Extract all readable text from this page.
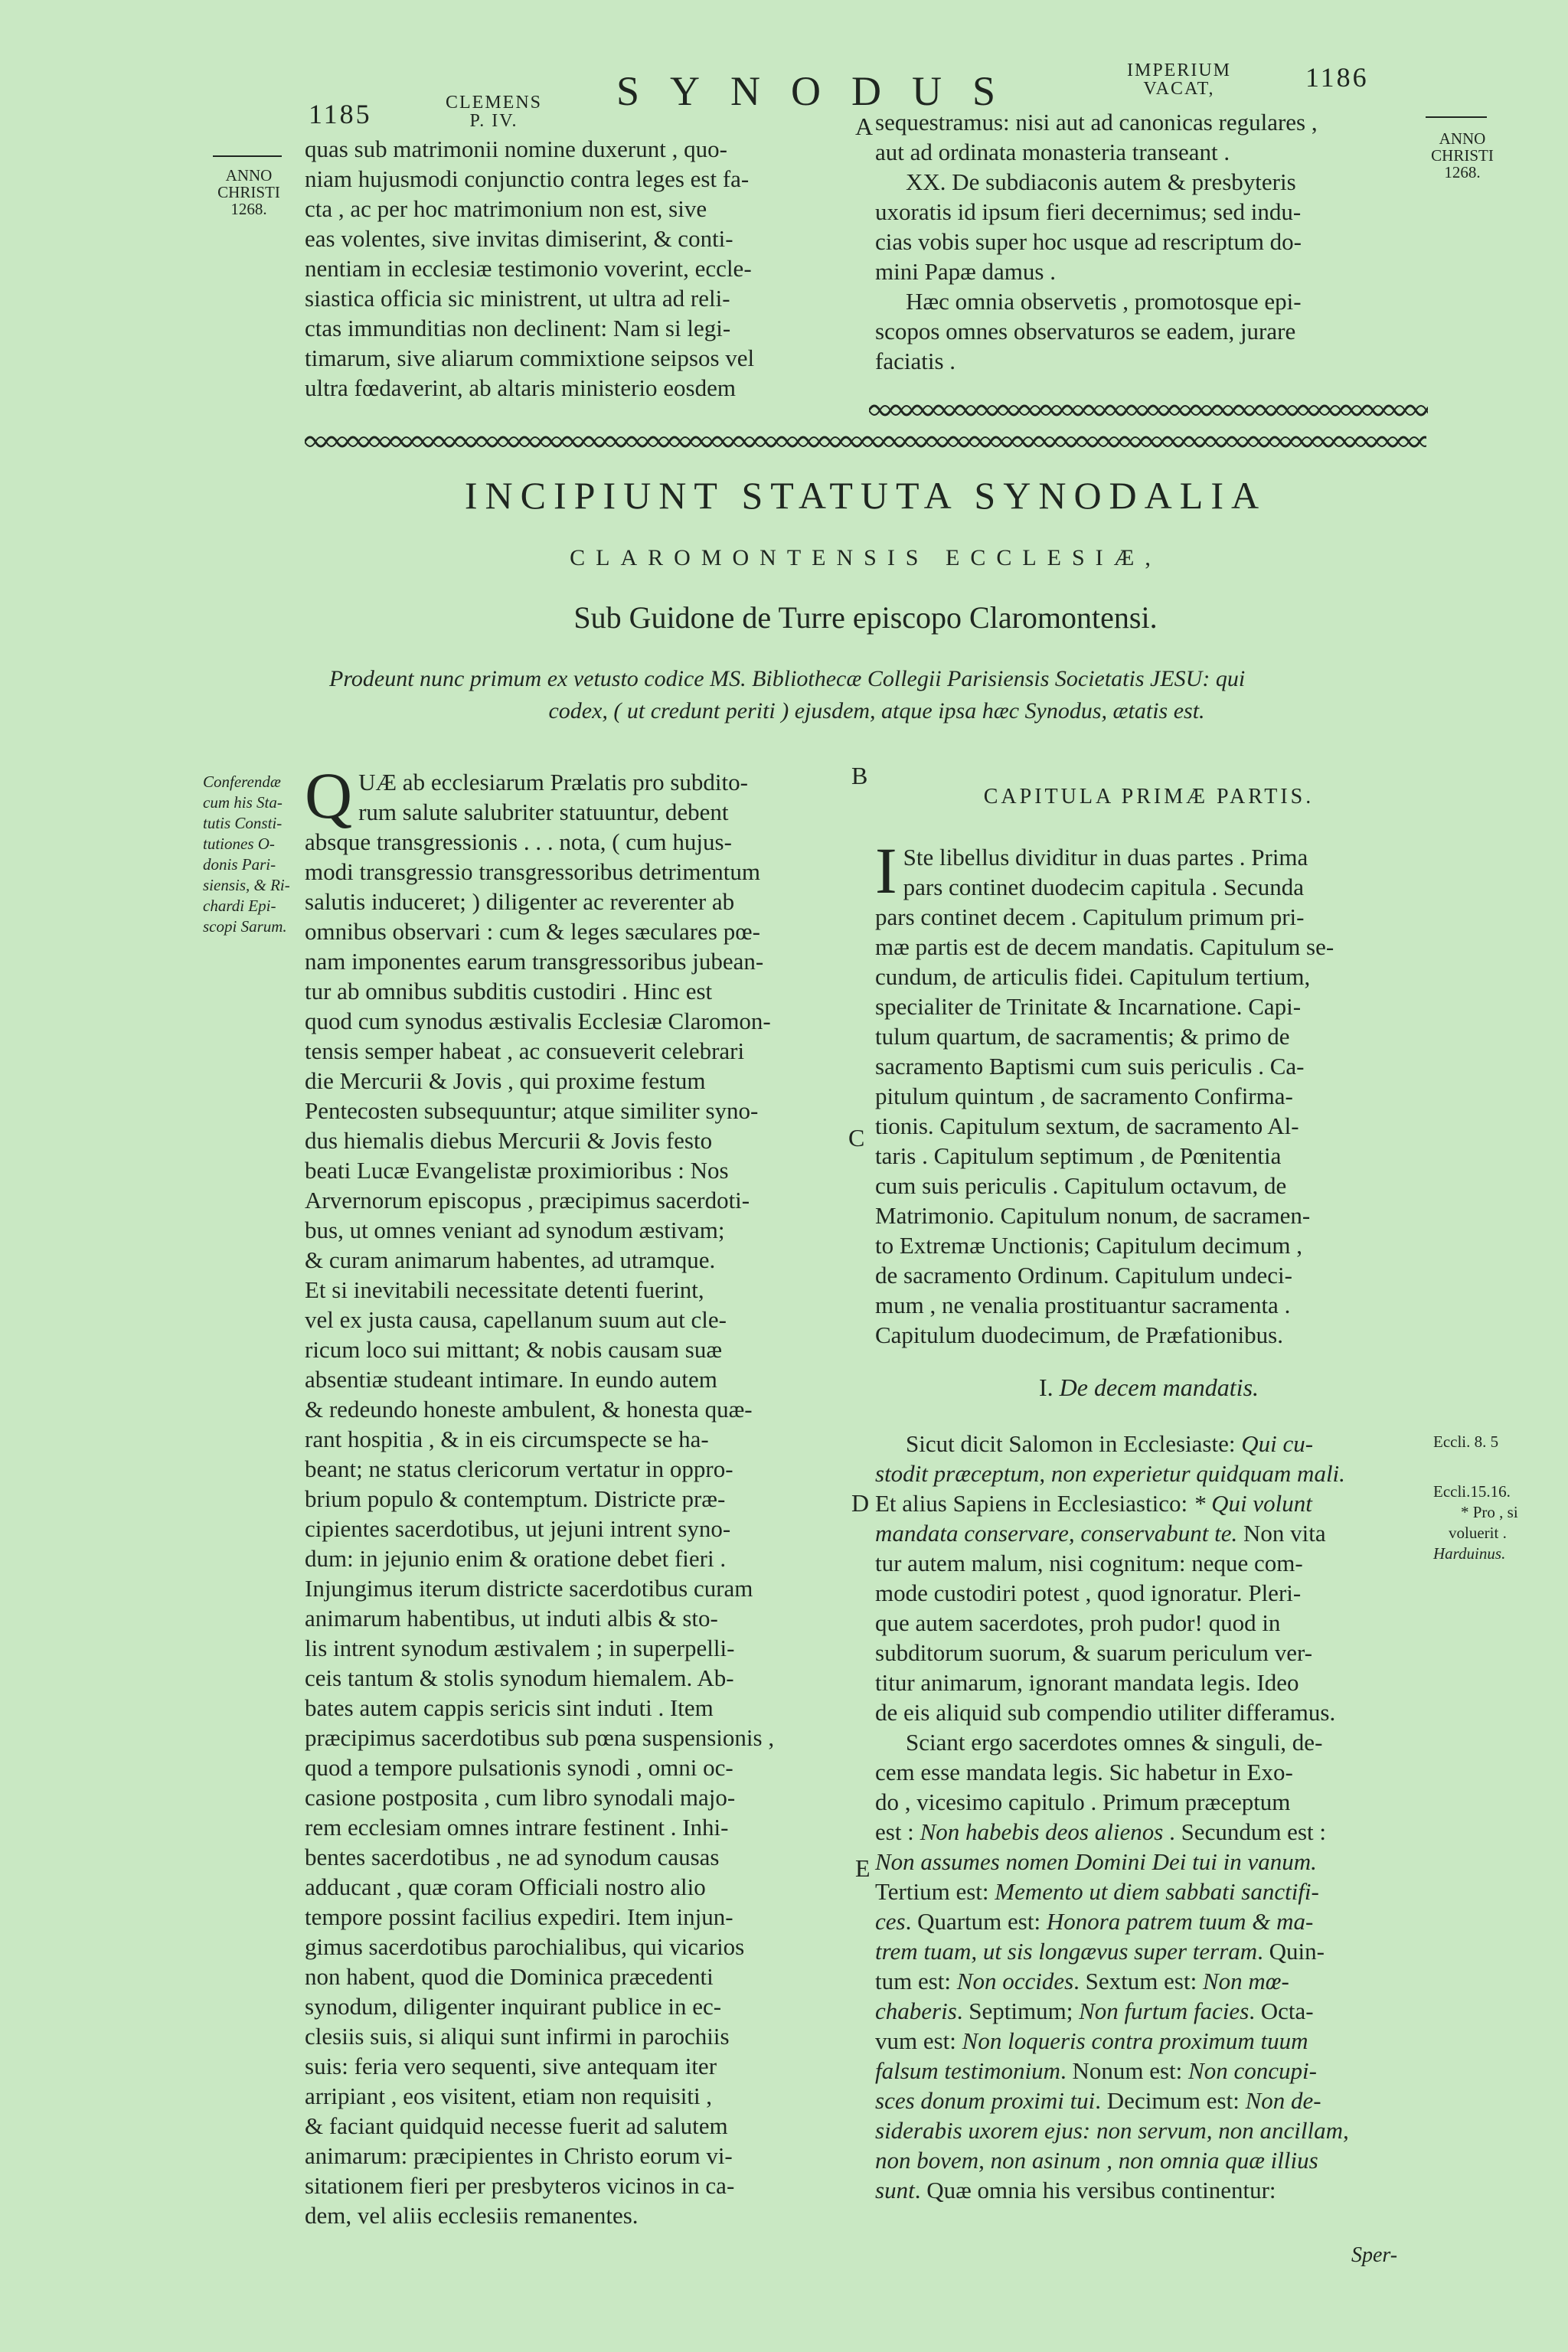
1185	CLEMENS
P. IV.
SYNODUS	IMPERIUM
VACAT,	1186
ANNO
CHRISTI
1268.
ANNO
CHRISTI
1268.

quas sub matrimonii nomine duxerunt , quo-

niam hujusmodi conjunctio contra leges est fa-

cta , ac per hoc matrimonium non est, sive

eas volentes, sive invitas dimiserint, & conti-

nentiam in ecclesiæ testimonio voverint, eccle-

siastica officia sic ministrent, ut ultra ad reli-

ctas immunditias non declinent: Nam si legi-

timarum, sive aliarum commixtione seipsos vel

ultra fœdaverint, ab altaris ministerio eosdem

A sequestramus: nisi aut ad canonicas regulares ,

aut ad ordinata monasteria transeant .

XX. De subdiaconis autem & presbyteris

uxoratis id ipsum fieri decernimus; sed indu-

cias vobis super hoc usque ad rescriptum do-

mini Papæ damus .

Hæc omnia observetis , promotosque epi-

scopos omnes observaturos se eadem, jurare

faciatis .

INCIPIUNT STATUTA SYNODALIA
CLAROMONTENSIS ECCLESIÆ,
Sub Guidone de Turre episcopo Claromontensi.
Prodeunt nunc primum ex vetusto codice MS. Bibliothecæ Collegii Parisiensis Societatis JESU: qui
codex, ( ut credunt periti ) ejusdem, atque ipsa hæc Synodus, ætatis est.
Conferendæ
cum his Sta-
tutis Consti-
tutiones O-
donis Pari-
siensis, & Ri-
chardi Epi-
scopi Sarum.
Q UÆ ab ecclesiarum Prælatis pro subdito-

rum salute salubriter statuuntur, debent

absque transgressionis . . . nota, ( cum hujus-

modi transgressio transgressoribus detrimentum

salutis induceret; ) diligenter ac reverenter ab

omnibus observari : cum & leges sæculares pœ-

nam imponentes earum transgressoribus jubean-

tur ab omnibus subditis custodiri . Hinc est

quod cum synodus æstivalis Ecclesiæ Claromon-

tensis semper habeat , ac consueverit celebrari

die Mercurii & Jovis , qui proxime festum

Pentecosten subsequuntur; atque similiter syno-

dus hiemalis diebus Mercurii & Jovis festo

beati Lucæ Evangelistæ proximioribus : Nos

Arvernorum episcopus , præcipimus sacerdoti-

bus, ut omnes veniant ad synodum æstivam;

& curam animarum habentes, ad utramque.

Et si inevitabili necessitate detenti fuerint,

vel ex justa causa, capellanum suum aut cle-

ricum loco sui mittant; & nobis causam suæ

absentiæ studeant intimare. In eundo autem

& redeundo honeste ambulent, & honesta quæ-

rant hospitia , & in eis circumspecte se ha-

beant; ne status clericorum vertatur in oppro-

brium populo & contemptum. Districte præ-

cipientes sacerdotibus, ut jejuni intrent syno-

dum: in jejunio enim & oratione debet fieri .

Injungimus iterum districte sacerdotibus curam

animarum habentibus, ut induti albis & sto-

lis intrent synodum æstivalem ; in superpelli-

ceis tantum & stolis synodum hiemalem. Ab-

bates autem cappis sericis sint induti . Item

præcipimus sacerdotibus sub pœna suspensionis ,

quod a tempore pulsationis synodi , omni oc-

casione postposita , cum libro synodali majo-

rem ecclesiam omnes intrare festinent . Inhi-

bentes sacerdotibus , ne ad synodum causas

adducant , quæ coram Officiali nostro alio

tempore possint facilius expediri. Item injun-

gimus sacerdotibus parochialibus, qui vicarios

non habent, quod die Dominica præcedenti

synodum, diligenter inquirant publice in ec-

clesiis suis, si aliqui sunt infirmi in parochiis

suis: feria vero sequenti, sive antequam iter

arripiant , eos visitent, etiam non requisiti ,

& faciant quidquid necesse fuerit ad salutem

animarum: præcipientes in Christo eorum vi-

sitationem fieri per presbyteros vicinos in ca-

dem, vel aliis ecclesiis remanentes.

B
C
D
E
CAPITULA PRIMÆ PARTIS.
I Ste libellus dividitur in duas partes . Prima

pars continet duodecim capitula . Secunda

pars continet decem . Capitulum primum pri-

mæ partis est de decem mandatis. Capitulum se-

cundum, de articulis fidei. Capitulum tertium,

specialiter de Trinitate & Incarnatione. Capi-

tulum quartum, de sacramentis; & primo de

sacramento Baptismi cum suis periculis . Ca-

pitulum quintum , de sacramento Confirma-

tionis. Capitulum sextum, de sacramento Al-

taris . Capitulum septimum , de Pœnitentia

cum suis periculis . Capitulum octavum, de

Matrimonio. Capitulum nonum, de sacramen-

to Extremæ Unctionis; Capitulum decimum ,

de sacramento Ordinum. Capitulum undeci-

mum , ne venalia prostituantur sacramenta .

Capitulum duodecimum, de Præfationibus.

I. De decem mandatis.

Sicut dicit Salomon in Ecclesiaste: Qui cu-

stodit præceptum, non experietur quidquam mali.

Et alius Sapiens in Ecclesiastico: * Qui volunt

mandata conservare, conservabunt te. Non vita

tur autem malum, nisi cognitum: neque com-

mode custodiri potest , quod ignoratur. Pleri-

que autem sacerdotes, proh pudor! quod in

subditorum suorum, & suarum periculum ver-

titur animarum, ignorant mandata legis. Ideo

de eis aliquid sub compendio utiliter differamus.

Sciant ergo sacerdotes omnes & singuli, de-

cem esse mandata legis. Sic habetur in Exo-

do , vicesimo capitulo . Primum præceptum

est : Non habebis deos alienos . Secundum est :

Non assumes nomen Domini Dei tui in vanum.

Tertium est: Memento ut diem sabbati sanctifi-

ces. Quartum est: Honora patrem tuum & ma-

trem tuam, ut sis longævus super terram. Quin-

tum est: Non occides. Sextum est: Non mœ-

chaberis. Septimum; Non furtum facies. Octa-

vum est: Non loqueris contra proximum tuum

falsum testimonium. Nonum est: Non concupi-

sces donum proximi tui. Decimum est: Non de-

siderabis uxorem ejus: non servum, non ancillam,

non bovem, non asinum , non omnia quæ illius

sunt. Quæ omnia his versibus continentur:

Eccli. 8. 5
Eccli.15.16.
* Pro , si
voluerit .
Harduinus.
Sper-
